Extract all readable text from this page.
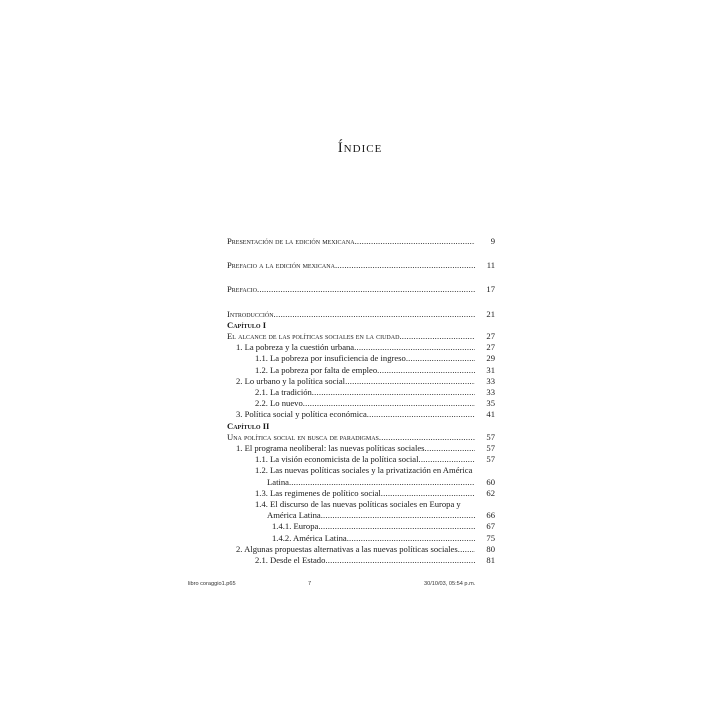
Índice
Presentación de la edición mexicana .....	9
Prefacio a la edición mexicana .....	11
Prefacio .....	17
Introducción .....	21
Capítulo I
El alcance de las políticas sociales en la ciudad .....	27
1. La pobreza y la cuestión urbana .....	27
1.1. La pobreza por insuficiencia de ingreso .....	29
1.2. La pobreza por falta de empleo .....	31
2. Lo urbano y la política social .....	33
2.1. La tradición .....	33
2.2. Lo nuevo .....	35
3. Política social y política económica .....	41
Capítulo II
Una política social en busca de paradigmas .....	57
1. El programa neoliberal: las nuevas políticas sociales .....	57
1.1. La visión economicista de la política social .....	57
1.2. Las nuevas políticas sociales y la privatización en América
Latina .....	60
1.3. Las regimenes de político social .....	62
1.4. El discurso de las nuevas políticas sociales en Europa y
América Latina .....	66
1.4.1. Europa .....	67
1.4.2. América Latina .....	75
2. Algunas propuestas alternativas a las nuevas políticas sociales .....	80
2.1. Desde el Estado .....	81
libro coraggio1.p65	7	30/10/03, 05:54 p.m.
